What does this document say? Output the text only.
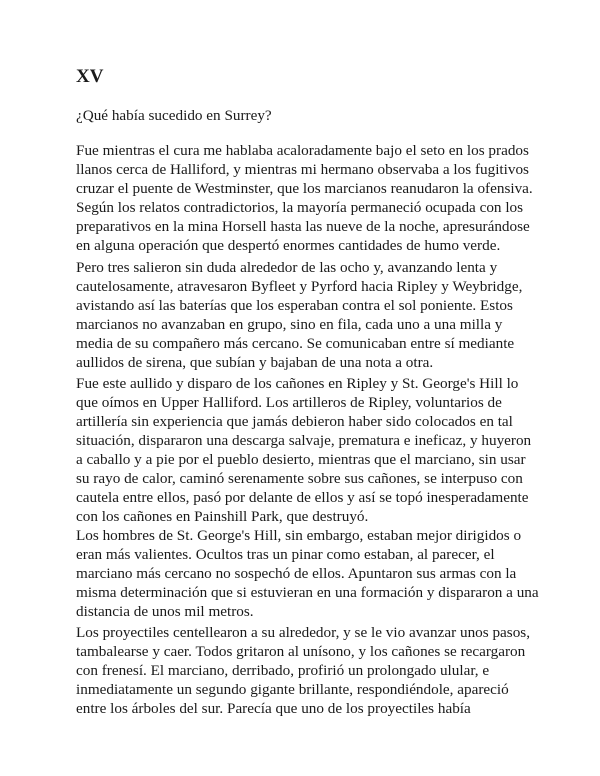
XV

¿Qué había sucedido en Surrey?

Fue mientras el cura me hablaba acaloradamente bajo el seto en los prados
llanos cerca de Halliford, y mientras mi hermano observaba a los fugitivos
cruzar el puente de Westminster, que los marcianos reanudaron la ofensiva.
Según los relatos contradictorios, la mayoría permaneció ocupada con los
preparativos en la mina Horsell hasta las nueve de la noche, apresurándose
en alguna operación que despertó enormes cantidades de humo verde.

Pero tres salieron sin duda alrededor de las ocho y, avanzando lenta y
cautelosamente, atravesaron Byfleet y Pyrford hacia Ripley y Weybridge,
avistando así las baterías que los esperaban contra el sol poniente. Estos
marcianos no avanzaban en grupo, sino en fila, cada uno a una milla y
media de su compañero más cercano. Se comunicaban entre sí mediante
aullidos de sirena, que subían y bajaban de una nota a otra.

Fue este aullido y disparo de los cañones en Ripley y St. George's Hill lo
que oímos en Upper Halliford. Los artilleros de Ripley, voluntarios de
artillería sin experiencia que jamás debieron haber sido colocados en tal
situación, dispararon una descarga salvaje, prematura e ineficaz, y huyeron
a caballo y a pie por el pueblo desierto, mientras que el marciano, sin usar
su rayo de calor, caminó serenamente sobre sus cañones, se interpuso con
cautela entre ellos, pasó por delante de ellos y así se topó inesperadamente
con los cañones en Painshill Park, que destruyó.

Los hombres de St. George's Hill, sin embargo, estaban mejor dirigidos o
eran más valientes. Ocultos tras un pinar como estaban, al parecer, el
marciano más cercano no sospechó de ellos. Apuntaron sus armas con la
misma determinación que si estuvieran en una formación y dispararon a una
distancia de unos mil metros.

Los proyectiles centellearon a su alrededor, y se le vio avanzar unos pasos,
tambalearse y caer. Todos gritaron al unísono, y los cañones se recargaron
con frenesí. El marciano, derribado, profirió un prolongado ulular, e
inmediatamente un segundo gigante brillante, respondiéndole, apareció
entre los árboles del sur. Parecía que uno de los proyectiles había
